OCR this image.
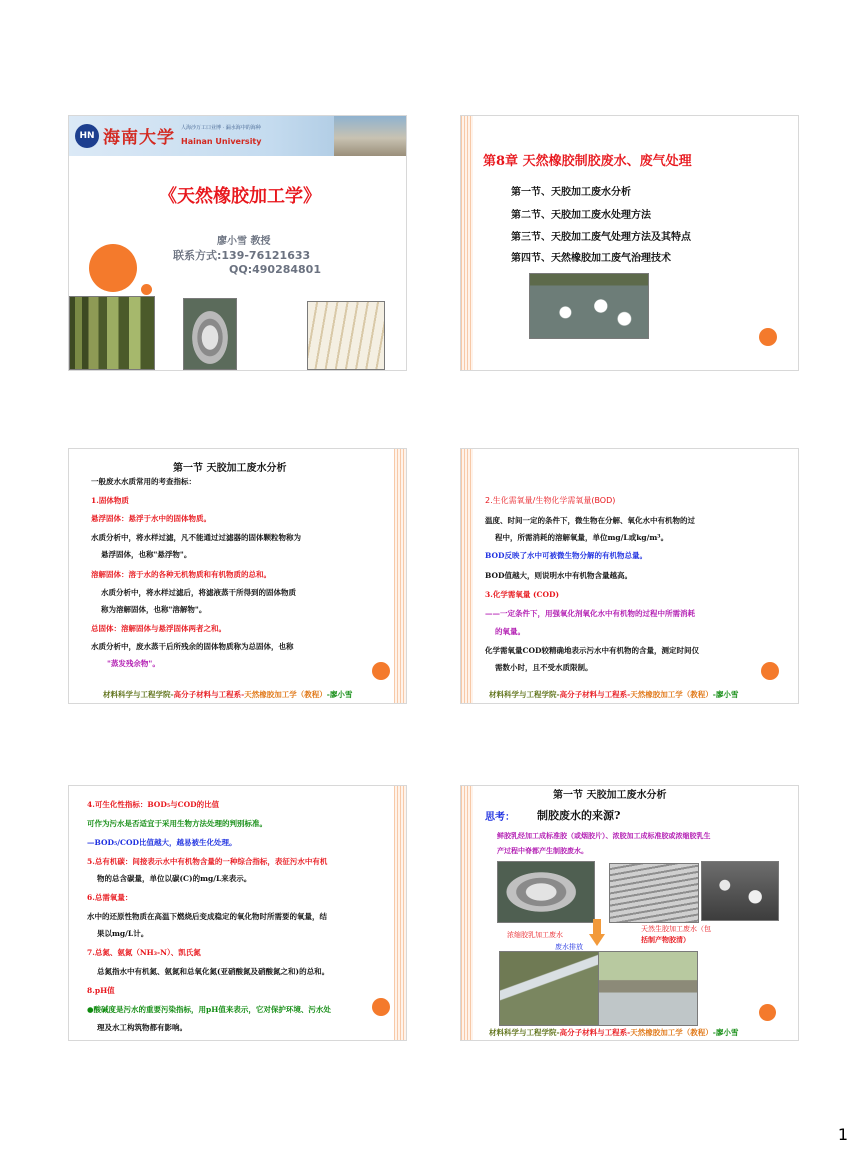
HN 海南大学 Hainan University
人海沙万工口业博 · 漏水海中的海种
《天然橡胶加工学》
廖小雪 教授
联系方式:139-76121633
QQ:490284801
第8章 天然橡胶制胶废水、废气处理
第一节、天胶加工废水分析
第二节、天胶加工废水处理方法
第三节、天胶加工废气处理方法及其特点
第四节、天然橡胶加工废气治理技术
第一节 天胶加工废水分析
一般废水水质常用的考查指标：
1.固体物质
悬浮固体：悬浮于水中的固体物质。
水质分析中，将水样过滤，凡不能通过过滤器的固体颗粒物称为
悬浮固体，也称"悬浮物"。
溶解固体：溶于水的各种无机物质和有机物质的总和。
水质分析中，将水样过滤后，将滤液蒸干所得到的固体物质
称为溶解固体，也称"溶解物"。
总固体：溶解固体与悬浮固体两者之和。
水质分析中，废水蒸干后所残余的固体物质称为总固体，也称
"蒸发残余物"。
材料科学与工程学院-高分子材料与工程系-天然橡胶加工学（教程）-廖小雪
2.生化需氧量/生物化学需氧量(BOD)
温度、时间一定的条件下，微生物在分解、氧化水中有机物的过
程中，所需消耗的溶解氧量，单位mg/L或kg/m³。
BOD反映了水中可被微生物分解的有机物总量。
BOD值越大，则说明水中有机物含量越高。
3.化学需氧量 (COD)
——一定条件下，用强氧化剂氧化水中有机物的过程中所需消耗
的氧量。
化学需氧量COD较精确地表示污水中有机物的含量，测定时间仅
需数小时，且不受水质限制。
材料科学与工程学院-高分子材料与工程系-天然橡胶加工学（教程）-廖小雪
4.可生化性指标：BOD₅与COD的比值
可作为污水是否适宜于采用生物方法处理的判别标准。
—BOD₅/COD比值越大，越易被生化处理。
5.总有机碳：间接表示水中有机物含量的一种综合指标，表征污水中有机
物的总含碳量，单位以碳(C)的mg/L来表示。
6.总需氧量：
水中的还原性物质在高温下燃烧后变成稳定的氧化物时所需要的氧量，结
果以mg/L计。
7.总氮、氨氮（NH₃-N）、凯氏氮
总氮指水中有机氮、氨氮和总氧化氮(亚硝酸氮及硝酸氮之和)的总和。
8.pH值
●酸碱度是污水的重要污染指标，用pH值来表示，它对保护环境、污水处
理及水工构筑物都有影响。
第一节 天胶加工废水分析
思考： 制胶废水的来源?
鲜胶乳经加工成标准胶（或烟胶片）、浓胶加工成标准胶或浓缩胶乳生
产过程中脊都产生制胶废水。
浓缩胶乳加工废水
废水排放
天然生胶加工废水（包
括制产物胶清）
材料科学与工程学院-高分子材料与工程系-天然橡胶加工学（教程）-廖小雪
1
